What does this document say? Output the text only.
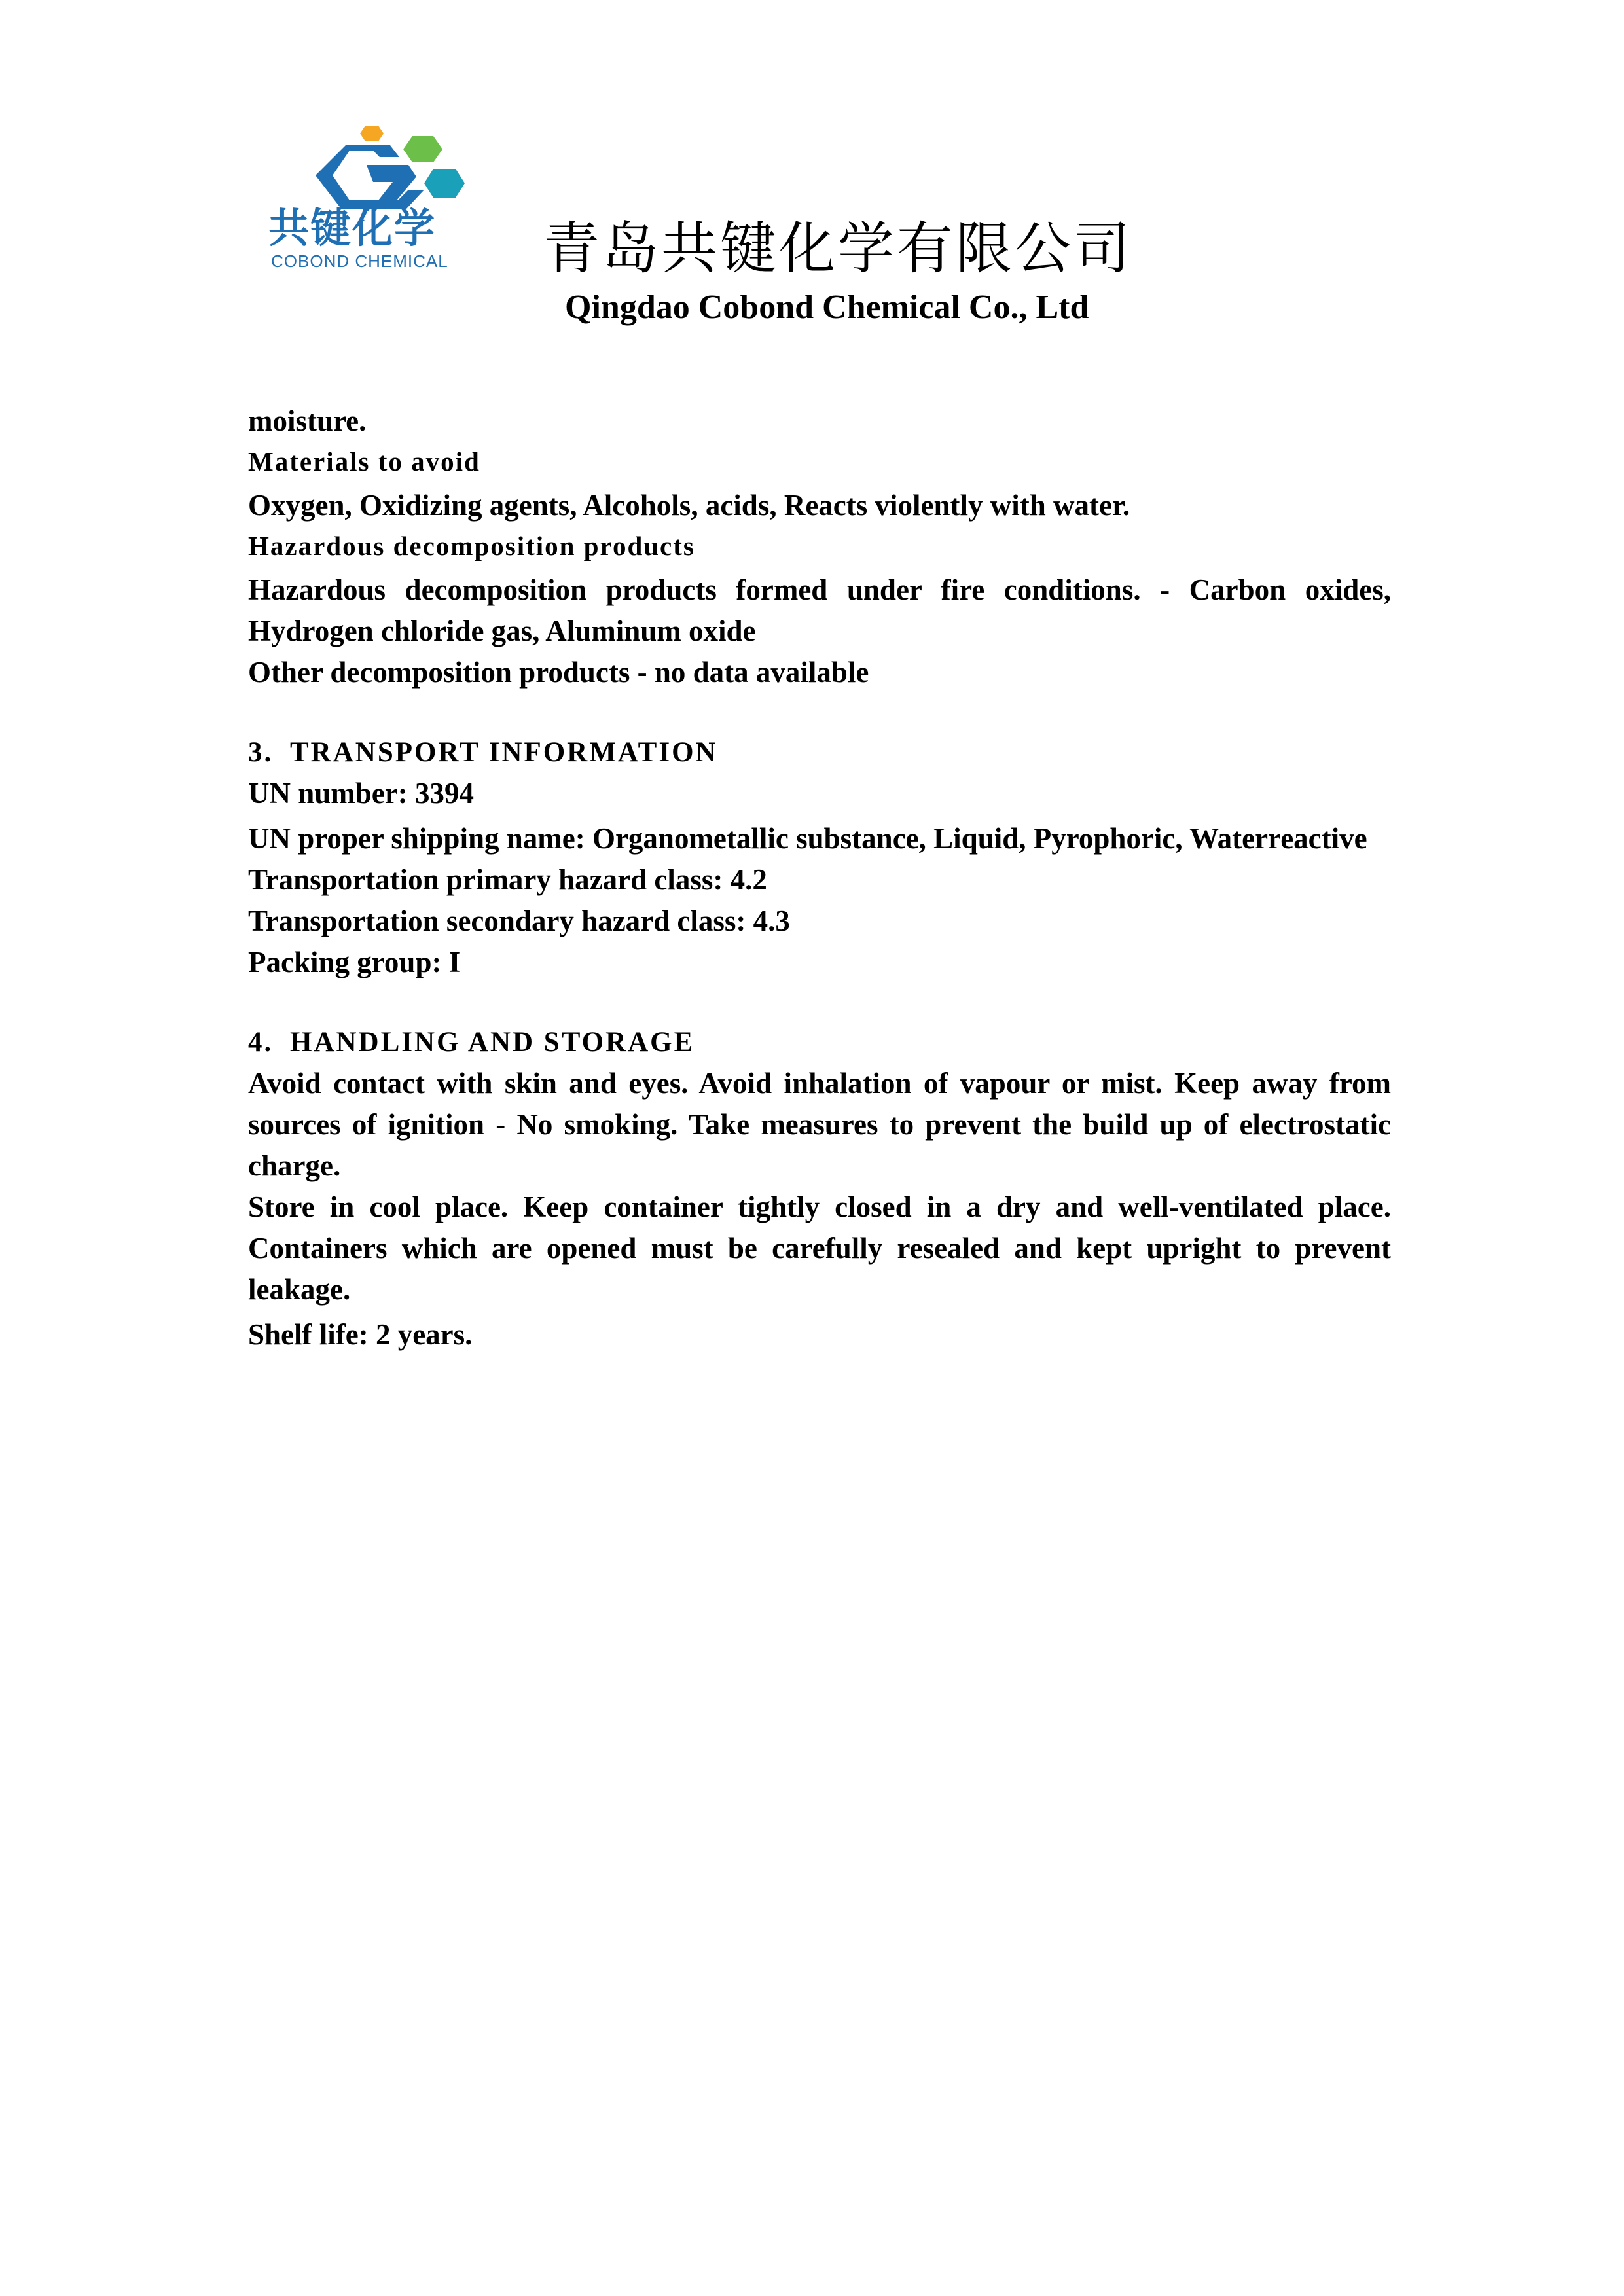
共键化学
COBOND CHEMICAL	青岛共键化学有限公司
Qingdao Cobond Chemical Co., Ltd

moisture.

Materials to avoid

Oxygen, Oxidizing agents, Alcohols, acids, Reacts violently with water.

Hazardous decomposition products

Hazardous decomposition products formed under fire conditions. - Carbon oxides, Hydrogen chloride gas, Aluminum oxide

Other decomposition products - no data available

3. TRANSPORT INFORMATION

UN number: 3394

UN proper shipping name: Organometallic substance, Liquid, Pyrophoric, Waterreactive

Transportation primary hazard class: 4.2

Transportation secondary hazard class: 4.3

Packing group: I

4. HANDLING AND STORAGE

Avoid contact with skin and eyes. Avoid inhalation of vapour or mist. Keep away from sources of ignition - No smoking. Take measures to prevent the build up of electrostatic charge.

Store in cool place. Keep container tightly closed in a dry and well-ventilated place. Containers which are opened must be carefully resealed and kept upright to prevent leakage.

Shelf life: 2 years.
